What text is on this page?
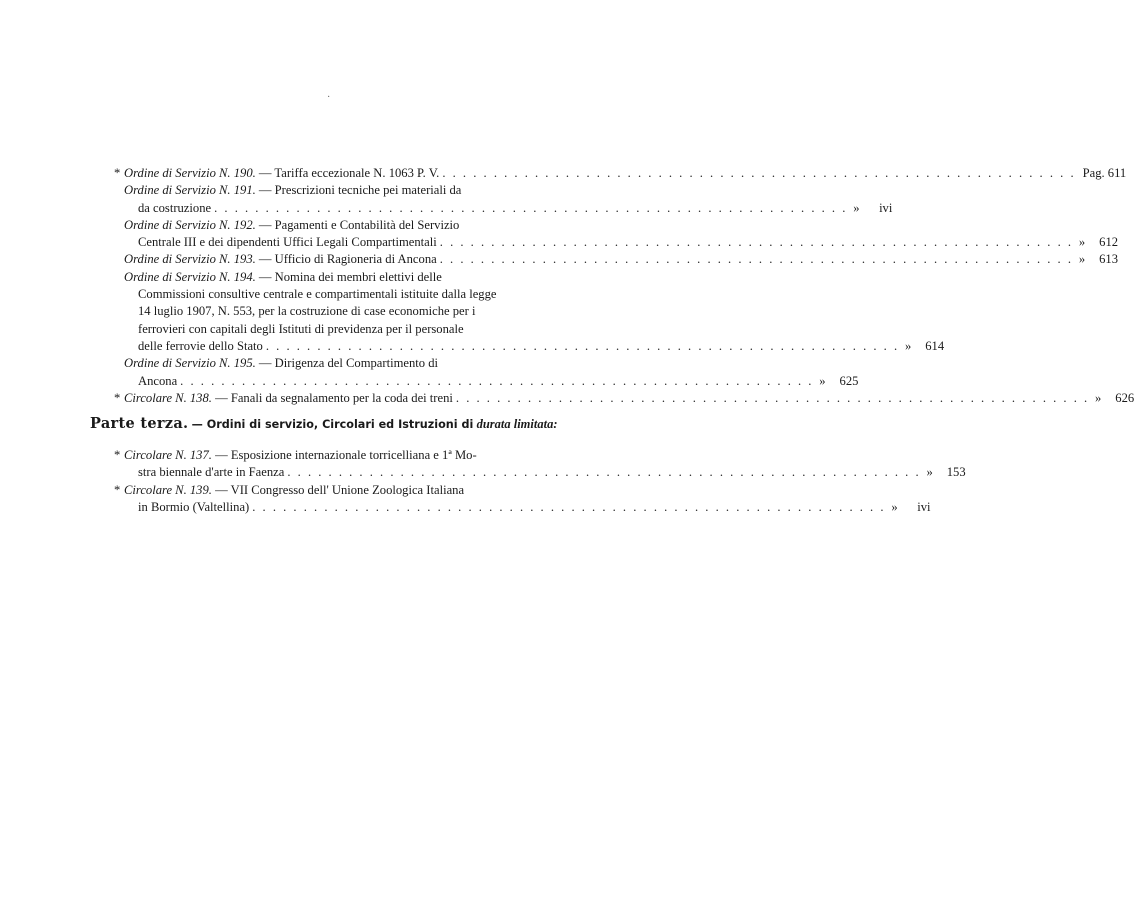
·
* Ordine di Servizio N. 190. — Tariffa eccezionale N. 1063 P. V. . . .	Pag. 611
Ordine di Servizio N. 191. — Prescrizioni tecniche pei materiali da
da costruzione . . .	»	ivi
Ordine di Servizio N. 192. — Pagamenti e Contabilità del Servizio
Centrale III e dei dipendenti Uffici Legali Compartimentali . . .	»	612
Ordine di Servizio N. 193. — Ufficio di Ragioneria di Ancona . . .	»	613
Ordine di Servizio N. 194. — Nomina dei membri elettivi delle
Commissioni consultive centrale e compartimentali istituite dalla legge
14 luglio 1907, N. 553, per la costruzione di case economiche per i
ferrovieri con capitali degli Istituti di previdenza per il personale
delle ferrovie dello Stato . . .	»	614
Ordine di Servizio N. 195. — Dirigenza del Compartimento di
Ancona . . .	»	625
* Circolare N. 138. — Fanali da segnalamento per la coda dei treni . . .	»	626
Parte terza. — Ordini di servizio, Circolari ed Istruzioni di durata limitata:
* Circolare N. 137. — Esposizione internazionale torricelliana e 1ª Mo-
stra biennale d'arte in Faenza . . .	»	153
* Circolare N. 139. — VII Congresso dell' Unione Zoologica Italiana
in Bormio (Valtellina) . . .	»	ivi
